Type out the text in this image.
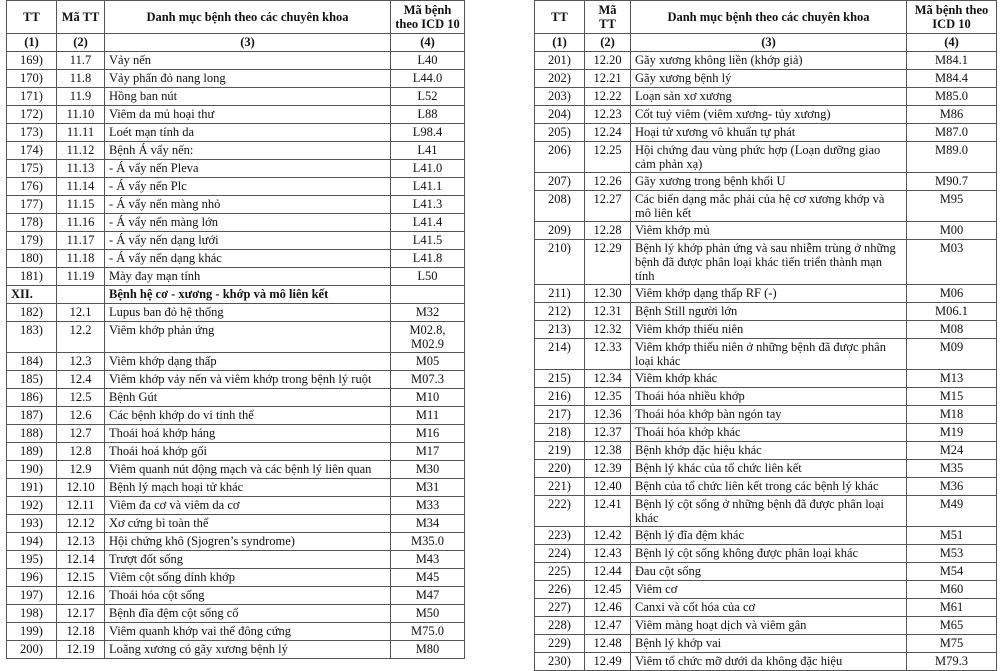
TT	Mã TT	Danh mục bệnh theo các chuyên khoa	Mã bệnh theo ICD 10
(1)	(2)	(3)	(4)
169)	11.7	Vảy nến	L40
170)	11.8	Vảy phấn đỏ nang long	L44.0
171)	11.9	Hồng ban nút	L52
172)	11.10	Viêm da mủ hoại thư	L88
173)	11.11	Loét mạn tính da	L98.4
174)	11.12	Bệnh Á vẩy nến:	L41
175)	11.13	- Á vẩy nến Pleva	L41.0
176)	11.14	- Á vẩy nến Plc	L41.1
177)	11.15	- Á vẩy nến màng nhỏ	L41.3
178)	11.16	- Á vẩy nến màng lớn	L41.4
179)	11.17	- Á vẩy nến dạng lưới	L41.5
180)	11.18	- Á vẩy nến dạng khác	L41.8
181)	11.19	Mày đay mạn tính	L50
XII.		Bệnh hệ cơ - xương - khớp và mô liên kết	
182)	12.1	Lupus ban đỏ hệ thống	M32
183)	12.2	Viêm khớp phản ứng	M02.8, M02.9
184)	12.3	Viêm khớp dạng thấp	M05
185)	12.4	Viêm khớp vảy nến và viêm khớp trong bệnh lý ruột	M07.3
186)	12.5	Bệnh Gút	M10
187)	12.6	Các bệnh khớp do vi tinh thể	M11
188)	12.7	Thoái hoá khớp háng	M16
189)	12.8	Thoái hoá khớp gối	M17
190)	12.9	Viêm quanh nút động mạch và các bệnh lý liên quan	M30
191)	12.10	Bệnh lý mạch hoại tử khác	M31
192)	12.11	Viêm đa cơ và viêm da cơ	M33
193)	12.12	Xơ cứng bì toàn thể	M34
194)	12.13	Hội chứng khô (Sjogren’s syndrome)	M35.0
195)	12.14	Trượt đốt sống	M43
196)	12.15	Viêm cột sống dính khớp	M45
197)	12.16	Thoái hóa cột sống	M47
198)	12.17	Bệnh đĩa đệm cột sống cổ	M50
199)	12.18	Viêm quanh khớp vai thể đông cứng	M75.0
200)	12.19	Loãng xương có gãy xương bệnh lý	M80
TT	Mã TT	Danh mục bệnh theo các chuyên khoa	Mã bệnh theo ICD 10
(1)	(2)	(3)	(4)
201)	12.20	Gãy xương không liền (khớp giả)	M84.1
202)	12.21	Gãy xương bệnh lý	M84.4
203)	12.22	Loạn sản xơ xương	M85.0
204)	12.23	Cốt tuỷ viêm (viêm xương- tủy xương)	M86
205)	12.24	Hoại tử xương vô khuẩn tự phát	M87.0
206)	12.25	Hội chứng đau vùng phức hợp (Loạn dưỡng giao cảm phản xạ)	M89.0
207)	12.26	Gãy xương trong bệnh khối U	M90.7
208)	12.27	Các biến dạng mắc phải của hệ cơ xương khớp và mô liên kết	M95
209)	12.28	Viêm khớp mủ	M00
210)	12.29	Bệnh lý khớp phản ứng và sau nhiễm trùng ở những bệnh đã được phân loại khác tiến triển thành mạn tính	M03
211)	12.30	Viêm khớp dạng thấp RF (-)	M06
212)	12.31	Bệnh Still người lớn	M06.1
213)	12.32	Viêm khớp thiếu niên	M08
214)	12.33	Viêm khớp thiếu niên ở những bệnh đã được phân loại khác	M09
215)	12.34	Viêm khớp khác	M13
216)	12.35	Thoái hóa nhiều khớp	M15
217)	12.36	Thoái hóa khớp bàn ngón tay	M18
218)	12.37	Thoái hóa khớp khác	M19
219)	12.38	Bệnh khớp đặc hiệu khác	M24
220)	12.39	Bệnh lý khác của tổ chức liên kết	M35
221)	12.40	Bệnh của tổ chức liên kết trong các bệnh lý khác	M36
222)	12.41	Bệnh lý cột sống ở những bệnh đã được phân loại khác	M49
223)	12.42	Bệnh lý đĩa đệm khác	M51
224)	12.43	Bệnh lý cột sống không được phân loại khác	M53
225)	12.44	Đau cột sống	M54
226)	12.45	Viêm cơ	M60
227)	12.46	Canxi và cốt hóa của cơ	M61
228)	12.47	Viêm màng hoạt dịch và viêm gân	M65
229)	12.48	Bệnh lý khớp vai	M75
230)	12.49	Viêm tổ chức mỡ dưới da không đặc hiệu	M79.3
